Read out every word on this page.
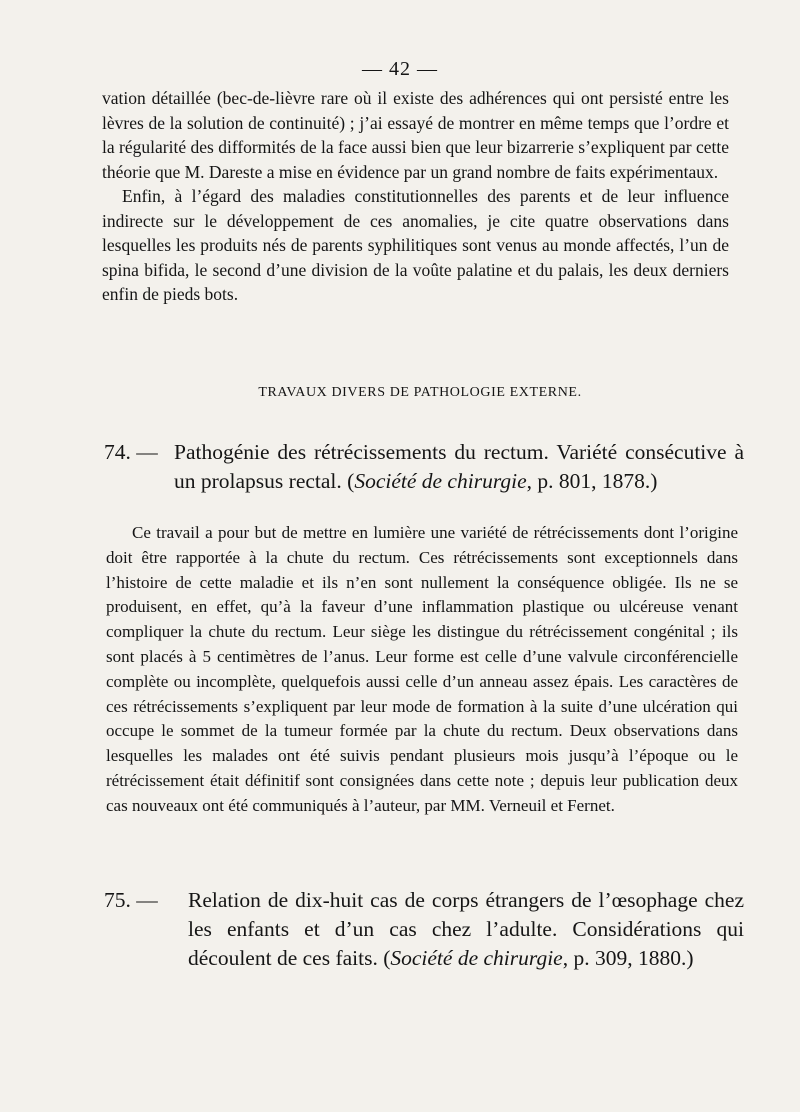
— 42 —

vation détaillée (bec-de-lièvre rare où il existe des adhérences qui ont persisté entre les lèvres de la solution de continuité) ; j’ai essayé de montrer en même temps que l’ordre et la régularité des difformités de la face aussi bien que leur bizarrerie s’expliquent par cette théorie que M. Dareste a mise en évidence par un grand nombre de faits expérimentaux.

Enfin, à l’égard des maladies constitutionnelles des parents et de leur influence indirecte sur le développement de ces anomalies, je cite quatre observations dans lesquelles les produits nés de parents syphilitiques sont venus au monde affectés, l’un de spina bifida, le second d’une division de la voûte palatine et du palais, les deux derniers enfin de pieds bots.

TRAVAUX DIVERS DE PATHOLOGIE EXTERNE.
74. — Pathogénie des rétrécissements du rectum. Variété consécutive à un prolapsus rectal. (Société de chirurgie, p. 801, 1878.)

Ce travail a pour but de mettre en lumière une variété de rétrécissements dont l’origine doit être rapportée à la chute du rectum. Ces rétrécissements sont exceptionnels dans l’histoire de cette maladie et ils n’en sont nullement la conséquence obligée. Ils ne se produisent, en effet, qu’à la faveur d’une inflammation plastique ou ulcéreuse venant compliquer la chute du rectum. Leur siège les distingue du rétrécissement congénital ; ils sont placés à 5 centimètres de l’anus. Leur forme est celle d’une valvule circonférencielle complète ou incomplète, quelquefois aussi celle d’un anneau assez épais. Les caractères de ces rétrécissements s’expliquent par leur mode de formation à la suite d’une ulcération qui occupe le sommet de la tumeur formée par la chute du rectum. Deux observations dans lesquelles les malades ont été suivis pendant plusieurs mois jusqu’à l’époque ou le rétrécissement était définitif sont consignées dans cette note ; depuis leur publication deux cas nouveaux ont été communiqués à l’auteur, par MM. Verneuil et Fernet.

75. — Relation de dix-huit cas de corps étrangers de l’œsophage chez les enfants et d’un cas chez l’adulte. Considérations qui découlent de ces faits. (Société de chirurgie, p. 309, 1880.)
